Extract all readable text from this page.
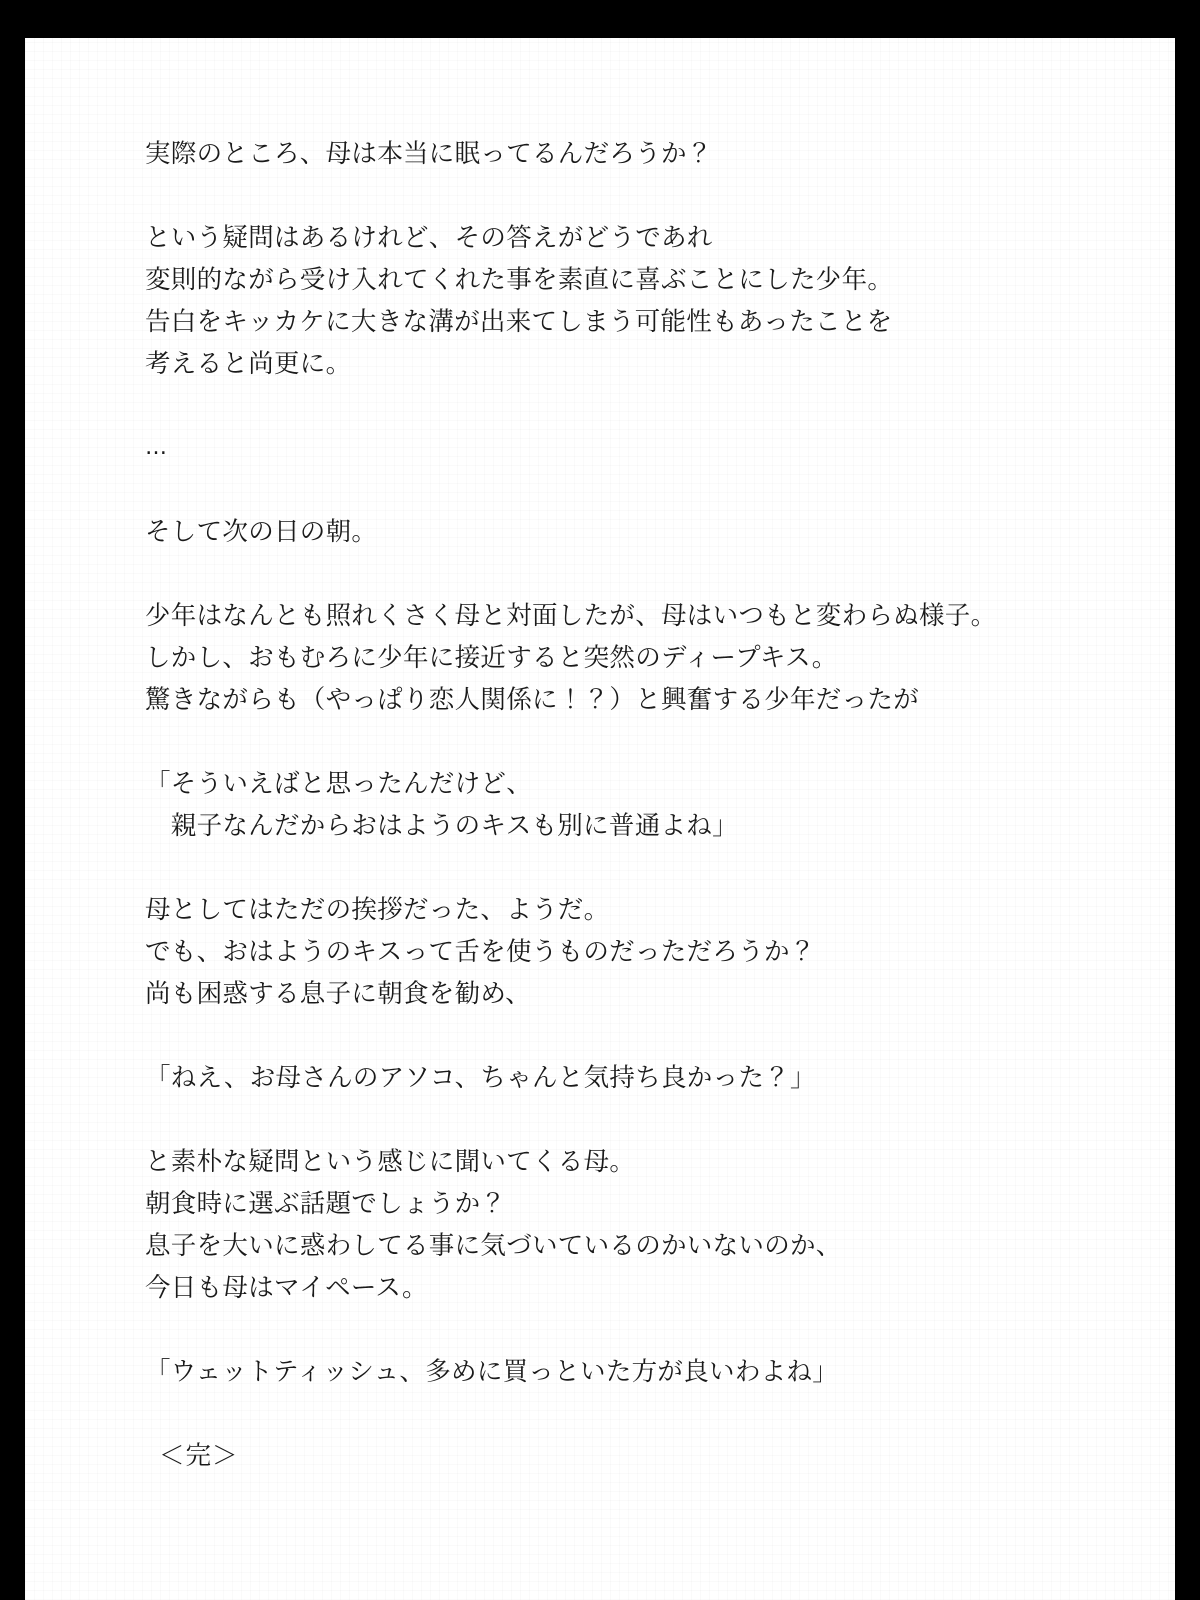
実際のところ、母は本当に眠ってるんだろうか？

という疑問はあるけれど、その答えがどうであれ
変則的ながら受け入れてくれた事を素直に喜ぶことにした少年。
告白をキッカケに大きな溝が出来てしまう可能性もあったことを
考えると尚更に。

…

そして次の日の朝。

少年はなんとも照れくさく母と対面したが、母はいつもと変わらぬ様子。
しかし、おもむろに少年に接近すると突然のディープキス。
驚きながらも（やっぱり恋人関係に！？）と興奮する少年だったが

「そういえばと思ったんだけど、
　親子なんだからおはようのキスも別に普通よね」

母としてはただの挨拶だった、ようだ。
でも、おはようのキスって舌を使うものだっただろうか？
尚も困惑する息子に朝食を勧め、

「ねえ、お母さんのアソコ、ちゃんと気持ち良かった？」

と素朴な疑問という感じに聞いてくる母。
朝食時に選ぶ話題でしょうか？
息子を大いに惑わしてる事に気づいているのかいないのか、
今日も母はマイペース。

「ウェットティッシュ、多めに買っといた方が良いわよね」

＜完＞
